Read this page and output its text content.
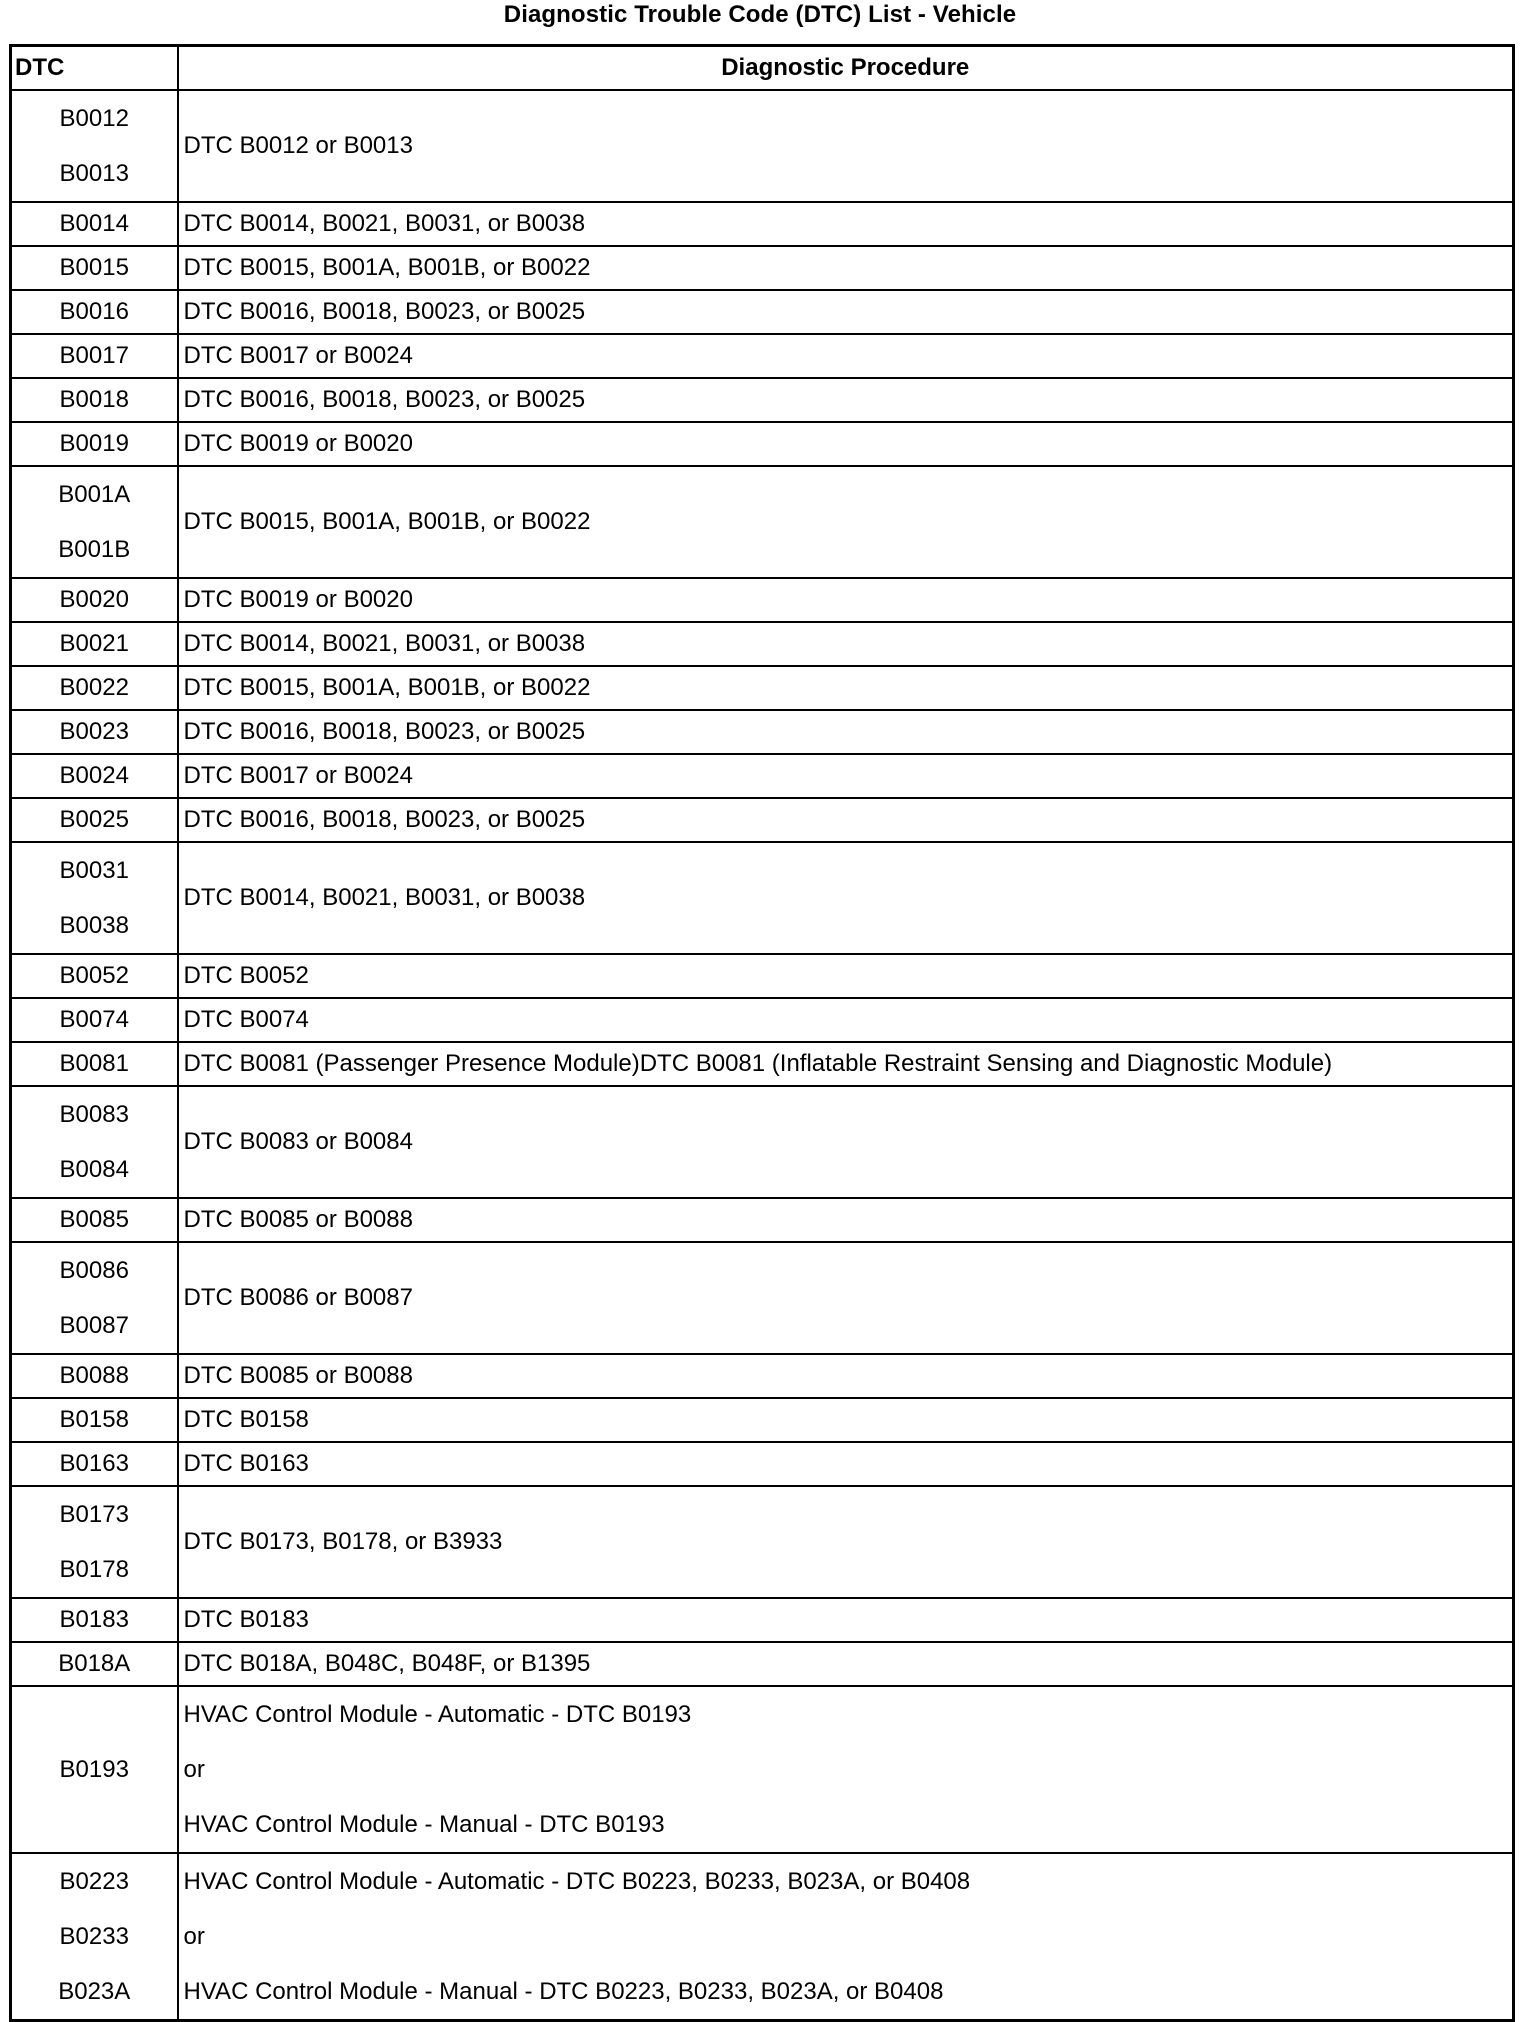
Diagnostic Trouble Code (DTC) List - Vehicle
DTC	Diagnostic Procedure

B0012
B0013	DTC B0012 or B0013

B0014	DTC B0014, B0021, B0031, or B0038

B0015	DTC B0015, B001A, B001B, or B0022

B0016	DTC B0016, B0018, B0023, or B0025

B0017	DTC B0017 or B0024

B0018	DTC B0016, B0018, B0023, or B0025

B0019	DTC B0019 or B0020

B001A
B001B	DTC B0015, B001A, B001B, or B0022

B0020	DTC B0019 or B0020

B0021	DTC B0014, B0021, B0031, or B0038

B0022	DTC B0015, B001A, B001B, or B0022

B0023	DTC B0016, B0018, B0023, or B0025

B0024	DTC B0017 or B0024

B0025	DTC B0016, B0018, B0023, or B0025

B0031
B0038	DTC B0014, B0021, B0031, or B0038

B0052	DTC B0052

B0074	DTC B0074

B0081	DTC B0081 (Passenger Presence Module)DTC B0081 (Inflatable Restraint Sensing and Diagnostic Module)

B0083
B0084	DTC B0083 or B0084

B0085	DTC B0085 or B0088

B0086
B0087	DTC B0086 or B0087

B0088	DTC B0085 or B0088

B0158	DTC B0158

B0163	DTC B0163

B0173
B0178	DTC B0173, B0178, or B3933

B0183	DTC B0183

B018A	DTC B018A, B048C, B048F, or B1395

B0193	HVAC Control Module - Automatic - DTC B0193
or
HVAC Control Module - Manual - DTC B0193

B0223
B0233
B023A	HVAC Control Module - Automatic - DTC B0223, B0233, B023A, or B0408
or
HVAC Control Module - Manual - DTC B0223, B0233, B023A, or B0408
